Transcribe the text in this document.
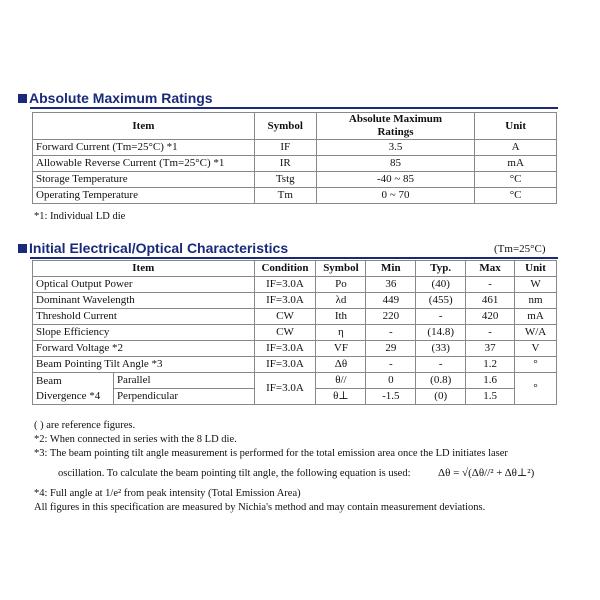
Absolute Maximum Ratings
Item	Symbol	Absolute Maximum Ratings	Unit
Forward Current (Tm=25°C) *1	IF	3.5	A
Allowable Reverse Current (Tm=25°C) *1	IR	85	mA
Storage Temperature	Tstg	-40 ~ 85	°C
Operating Temperature	Tm	0 ~ 70	°C
*1: Individual LD die
Initial Electrical/Optical Characteristics	(Tm=25°C)
Item		Condition	Symbol	Min	Typ.	Max	Unit
Optical Output Power		IF=3.0A	Po	36	(40)	-	W
Dominant Wavelength		IF=3.0A	λd	449	(455)	461	nm
Threshold Current		CW	Ith	220	-	420	mA
Slope Efficiency		CW	η	-	(14.8)	-	W/A
Forward Voltage *2		IF=3.0A	VF	29	(33)	37	V
Beam Pointing Tilt Angle *3		IF=3.0A	Δθ	-	-	1.2	°
Beam
Divergence *4	Parallel	IF=3.0A	θ//	0	(0.8)	1.6	°
	Perpendicular		θ⊥	-1.5	(0)	1.5	
( ) are reference figures.
*2: When connected in series with the 8 LD die.
*3: The beam pointing tilt angle measurement is performed for the total emission area once the LD initiates laser
oscillation. To calculate the beam pointing tilt angle, the following equation is used:	Δθ = √(Δθ//² + Δθ⊥²)
*4: Full angle at 1/e² from peak intensity (Total Emission Area)
All figures in this specification are measured by Nichia's method and may contain measurement deviations.
